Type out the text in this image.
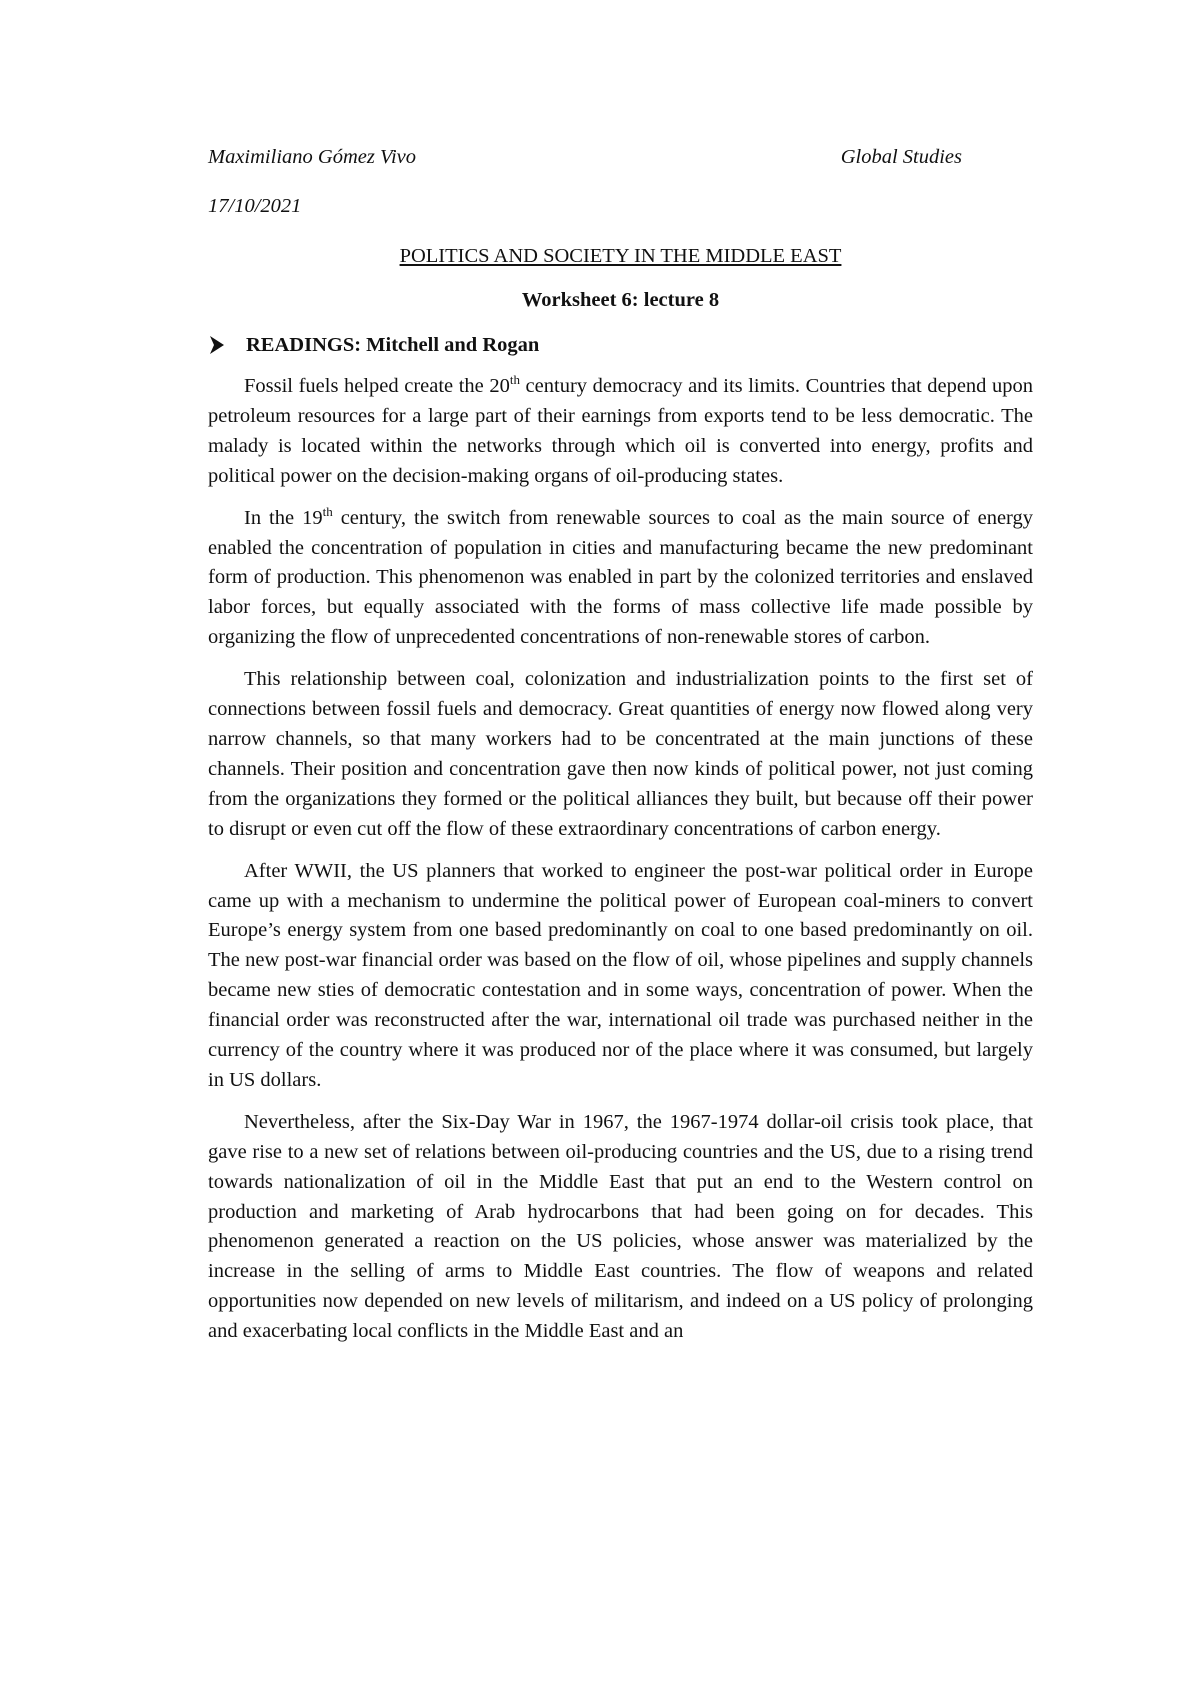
Maximiliano Gómez Vivo	Global Studies
17/10/2021
POLITICS AND SOCIETY IN THE MIDDLE EAST
Worksheet 6: lecture 8
READINGS: Mitchell and Rogan

Fossil fuels helped create the 20th century democracy and its limits. Countries that depend upon petroleum resources for a large part of their earnings from exports tend to be less democratic. The malady is located within the networks through which oil is converted into energy, profits and political power on the decision-making organs of oil-producing states.

In the 19th century, the switch from renewable sources to coal as the main source of energy enabled the concentration of population in cities and manufacturing became the new predominant form of production. This phenomenon was enabled in part by the colonized territories and enslaved labor forces, but equally associated with the forms of mass collective life made possible by organizing the flow of unprecedented concentrations of non-renewable stores of carbon.

This relationship between coal, colonization and industrialization points to the first set of connections between fossil fuels and democracy. Great quantities of energy now flowed along very narrow channels, so that many workers had to be concentrated at the main junctions of these channels. Their position and concentration gave then now kinds of political power, not just coming from the organizations they formed or the political alliances they built, but because off their power to disrupt or even cut off the flow of these extraordinary concentrations of carbon energy.

After WWII, the US planners that worked to engineer the post-war political order in Europe came up with a mechanism to undermine the political power of European coal-miners to convert Europe’s energy system from one based predominantly on coal to one based predominantly on oil. The new post-war financial order was based on the flow of oil, whose pipelines and supply channels became new sties of democratic contestation and in some ways, concentration of power. When the financial order was reconstructed after the war, international oil trade was purchased neither in the currency of the country where it was produced nor of the place where it was consumed, but largely in US dollars.

Nevertheless, after the Six-Day War in 1967, the 1967-1974 dollar-oil crisis took place, that gave rise to a new set of relations between oil-producing countries and the US, due to a rising trend towards nationalization of oil in the Middle East that put an end to the Western control on production and marketing of Arab hydrocarbons that had been going on for decades. This phenomenon generated a reaction on the US policies, whose answer was materialized by the increase in the selling of arms to Middle East countries. The flow of weapons and related opportunities now depended on new levels of militarism, and indeed on a US policy of prolonging and exacerbating local conflicts in the Middle East and an
